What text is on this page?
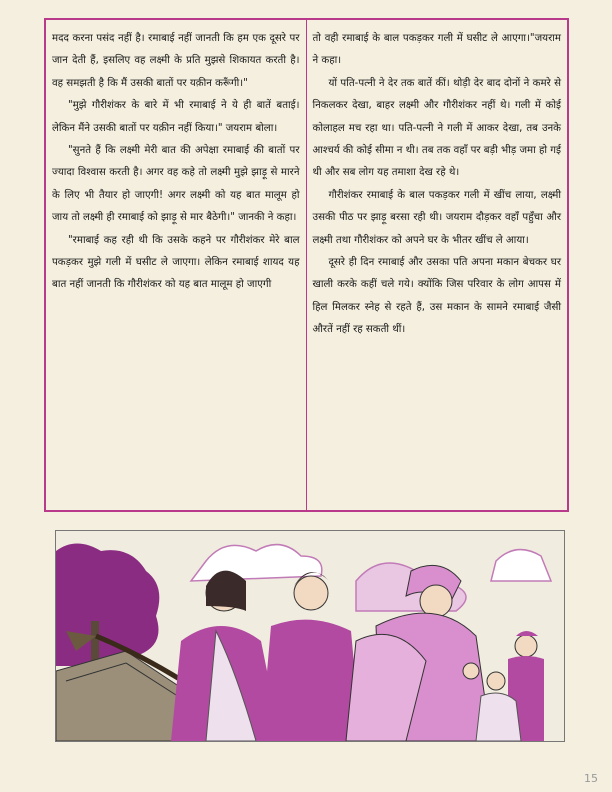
मदद करना पसंद नहीं है। रमाबाई नहीं जानती कि हम एक दूसरे पर जान देती हैं, इसलिए वह लक्ष्मी के प्रति मुझसे शिकायत करती है। वह समझती है कि मैं उसकी बातों पर यक़ीन करूँगी।"

"मुझे गौरीशंकर के बारे में भी रमाबाई ने ये ही बातें बताई। लेकिन मैंने उसकी बातों पर यक़ीन नहीं किया।" जयराम बोला।

"सुनते हैं कि लक्ष्मी मेरी बात की अपेक्षा रमाबाई की बातों पर ज्यादा विश्वास करती है। अगर वह कहे तो लक्ष्मी मुझे झाड़ू से मारने के लिए भी तैयार हो जाएगी! अगर लक्ष्मी को यह बात मालूम हो जाय तो लक्ष्मी ही रमाबाई को झाड़ू से मार बैठेगी।" जानकी ने कहा।

"रमाबाई कह रही थी कि उसके कहने पर गौरीशंकर मेरे बाल पकड़कर मुझे गली में घसीट ले जाएगा। लेकिन रमाबाई शायद यह बात नहीं जानती कि गौरीशंकर को यह बात मालूम हो जाएगी

तो वही रमाबाई के बाल पकड़कर गली में घसीट ले आएगा।"जयराम ने कहा।

यों पति-पत्नी ने देर तक बातें कीं। थोड़ी देर बाद दोनों ने कमरे से निकलकर देखा, बाहर लक्ष्मी और गौरीशंकर नहीं थे। गली में कोई कोलाहल मच रहा था। पति-पत्नी ने गली में आकर देखा, तब उनके आश्चर्य की कोई सीमा न थी। तब तक वहाँ पर बड़ी भीड़ जमा हो गई थी और सब लोग यह तमाशा देख रहे थे।

गौरीशंकर रमाबाई के बाल पकड़कर गली में खींच लाया, लक्ष्मी उसकी पीठ पर झाड़ू बरसा रही थी। जयराम दौड़कर वहाँ पहुँचा और लक्ष्मी तथा गौरीशंकर को अपने घर के भीतर खींच ले आया।

दूसरे ही दिन रमाबाई और उसका पति अपना मकान बेचकर घर खाली करके कहीं चले गये। क्योंकि जिस परिवार के लोग आपस में हिल मिलकर स्नेह से रहते हैं, उस मकान के सामने रमाबाई जैसी औरतें नहीं रह सकती थीं।

15
